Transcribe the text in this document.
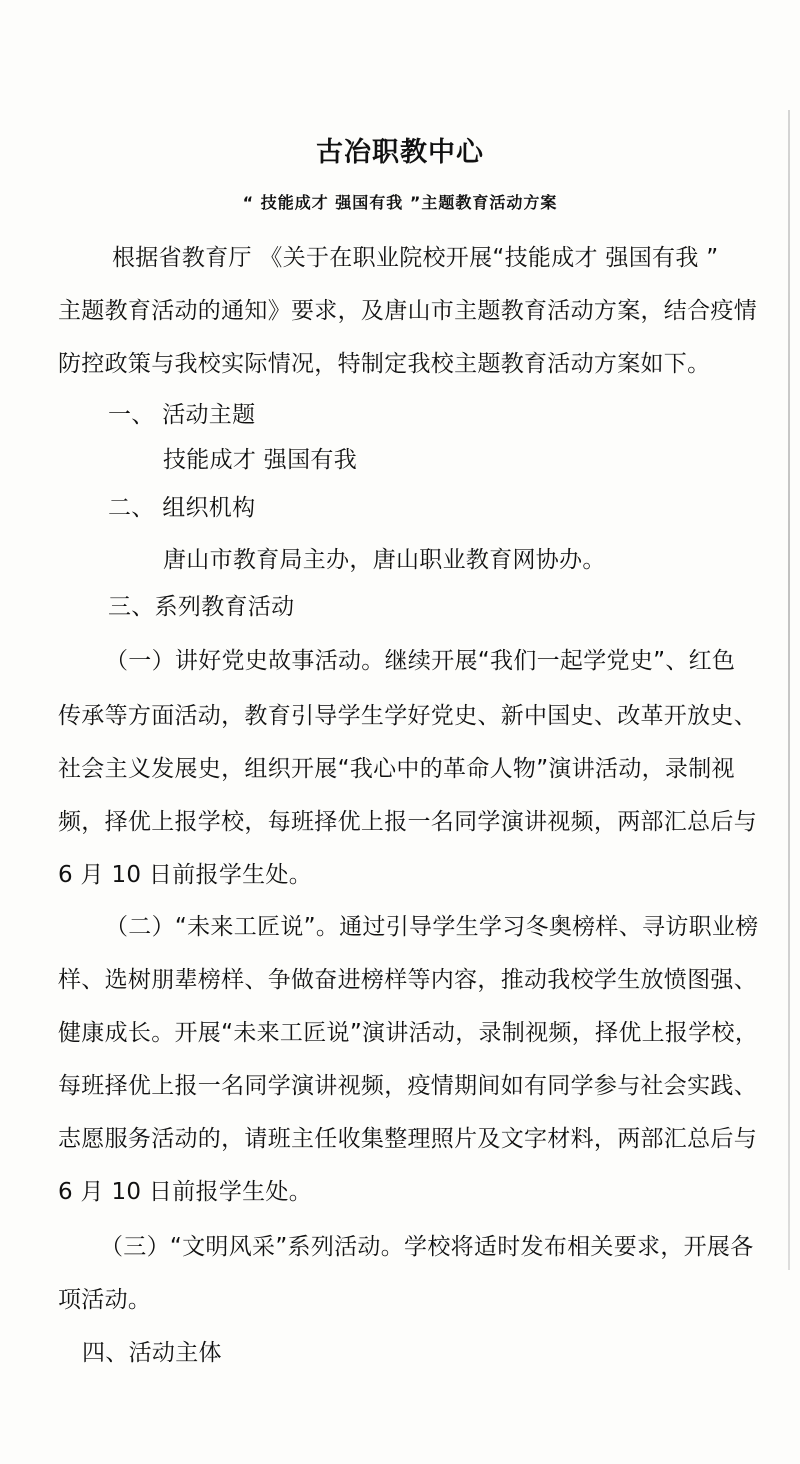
古冶职教中心
“ 技能成才 强国有我 ”主题教育活动方案
根据省教育厅 《关于在职业院校开展“技能成才 强国有我 ”
主题教育活动的通知》要求，及唐山市主题教育活动方案，结合疫情
防控政策与我校实际情况，特制定我校主题教育活动方案如下。
一、 活动主题
技能成才 强国有我
二、 组织机构
唐山市教育局主办，唐山职业教育网协办。
三、系列教育活动
（一）讲好党史故事活动。继续开展“我们一起学党史”、红色
传承等方面活动，教育引导学生学好党史、新中国史、改革开放史、
社会主义发展史，组织开展“我心中的革命人物”演讲活动，录制视
频，择优上报学校，每班择优上报一名同学演讲视频，两部汇总后与
6 月 10 日前报学生处。
（二）“未来工匠说”。通过引导学生学习冬奥榜样、寻访职业榜
样、选树朋辈榜样、争做奋进榜样等内容，推动我校学生放愤图强、
健康成长。开展“未来工匠说”演讲活动，录制视频，择优上报学校，
每班择优上报一名同学演讲视频，疫情期间如有同学参与社会实践、
志愿服务活动的，请班主任收集整理照片及文字材料，两部汇总后与
6 月 10 日前报学生处。
（三）“文明风采”系列活动。学校将适时发布相关要求，开展各
项活动。
四、活动主体
